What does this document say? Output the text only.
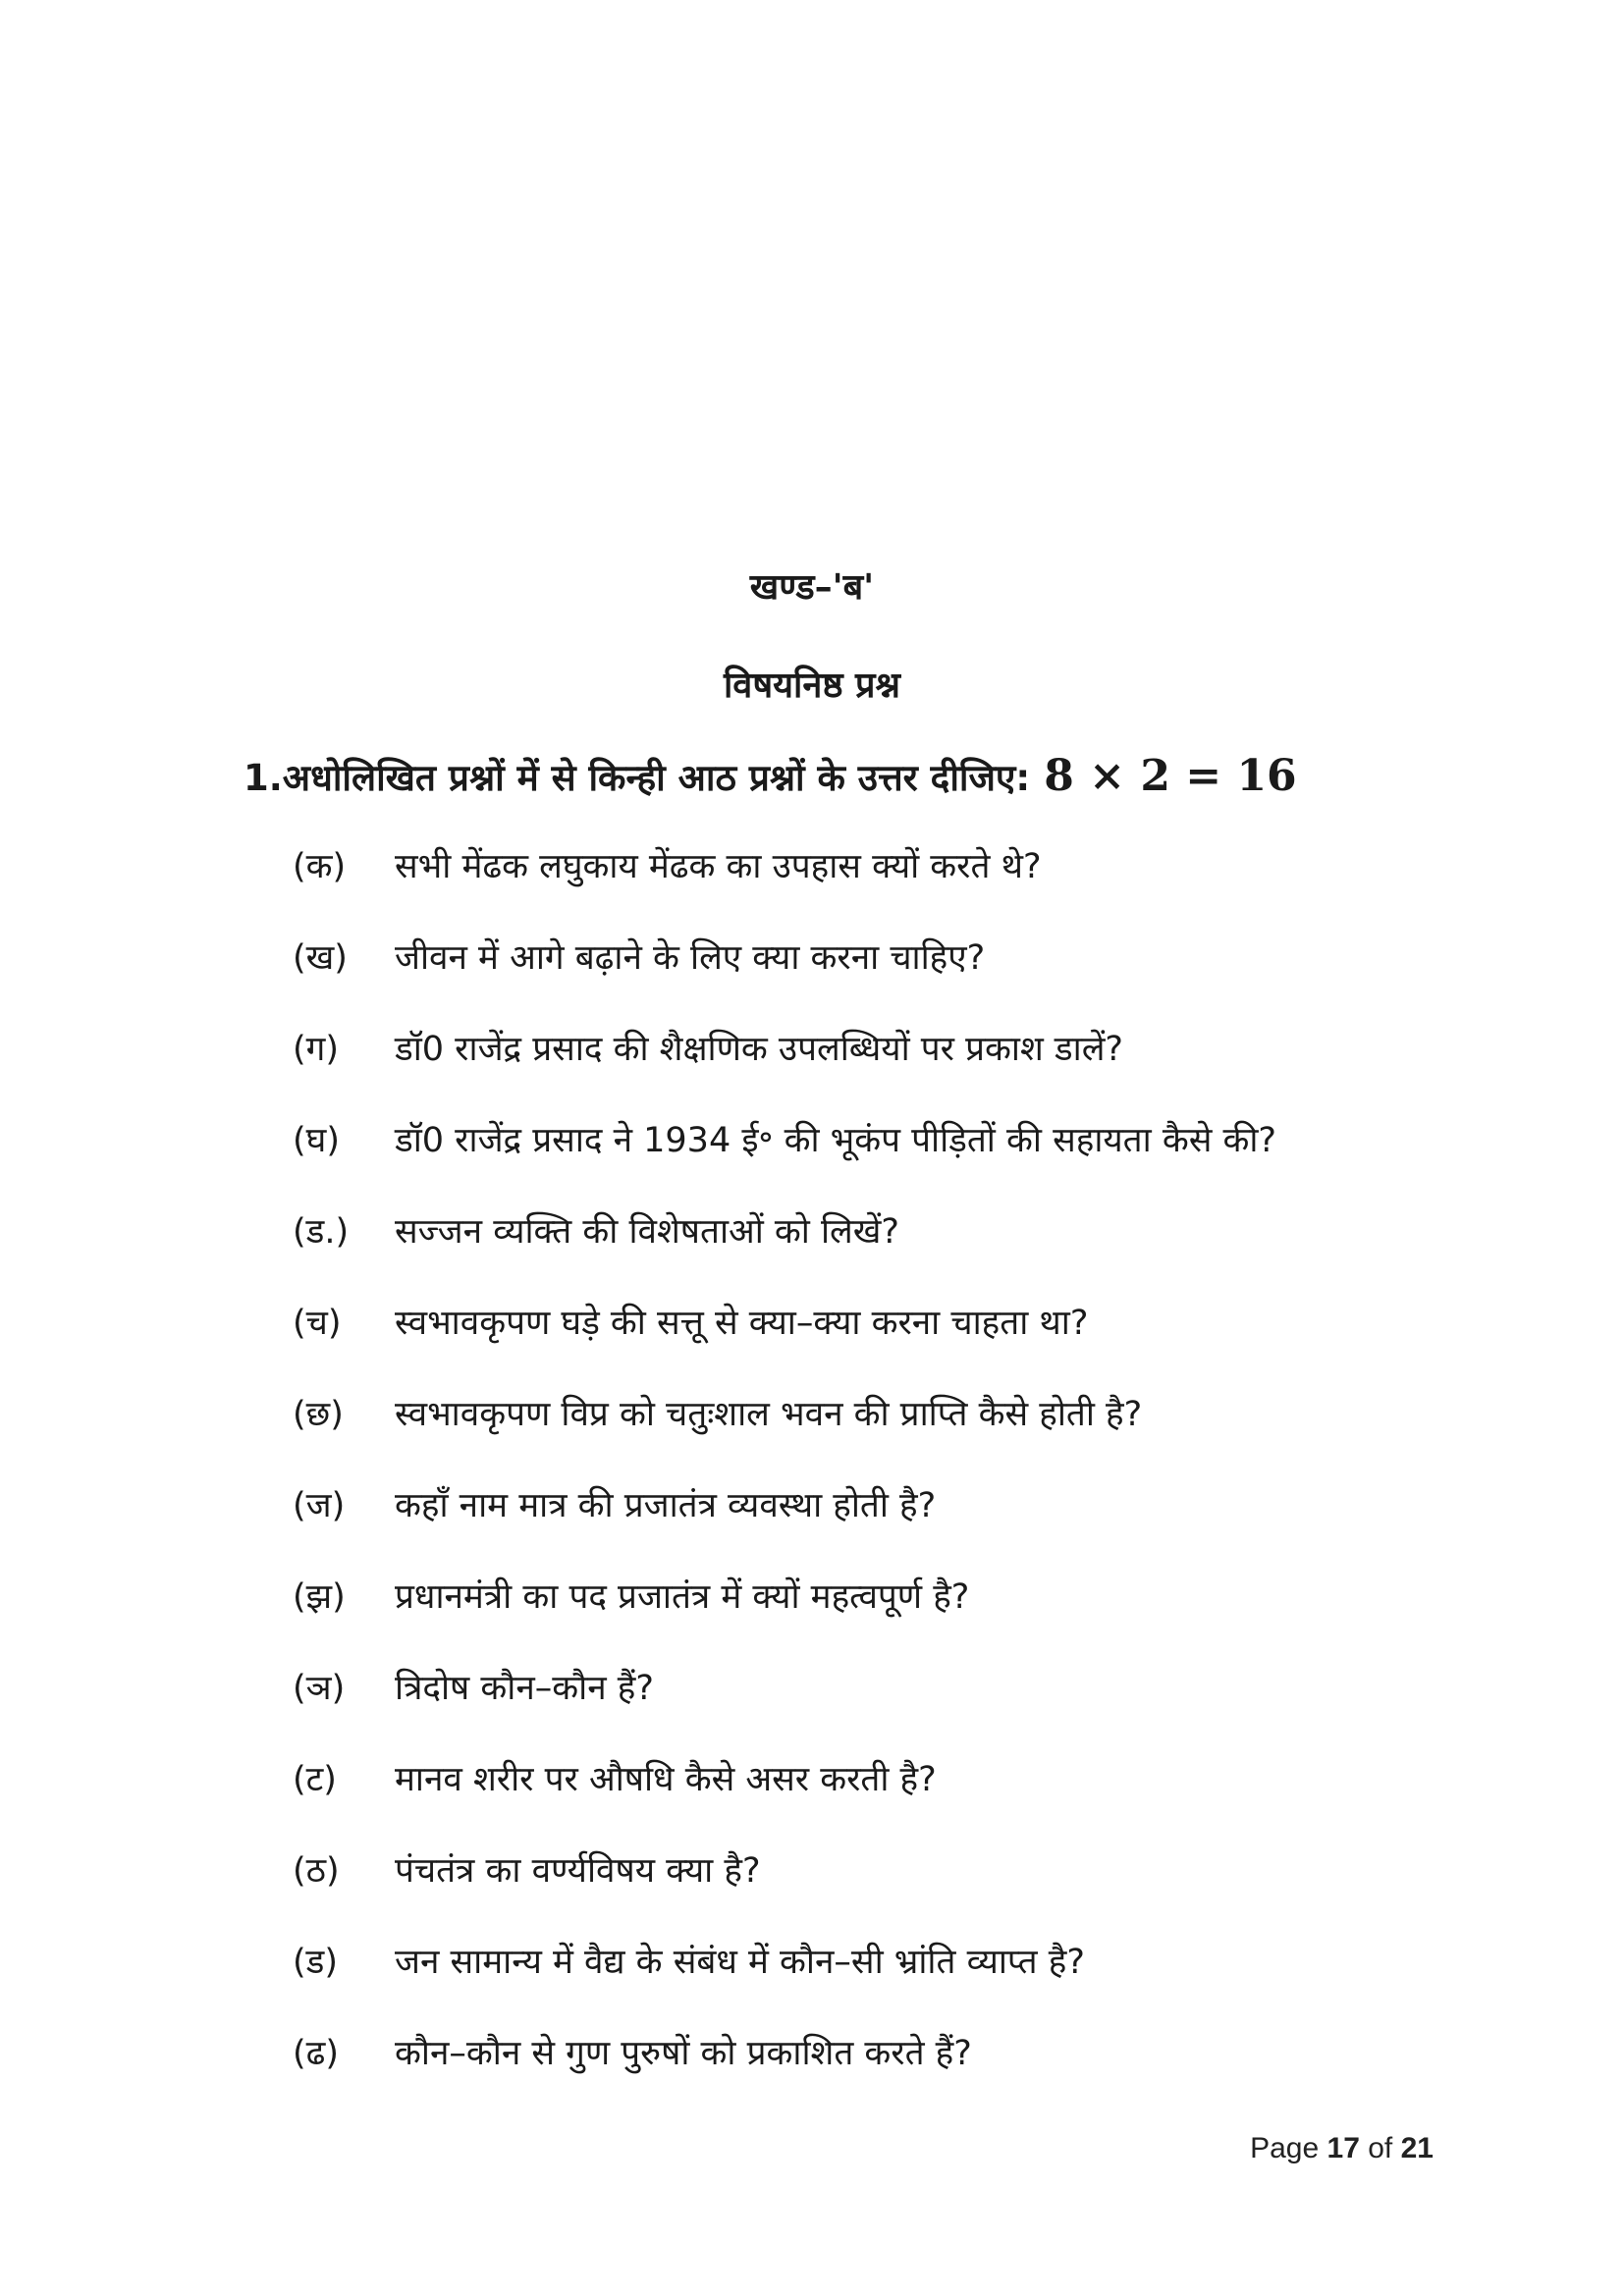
खण्ड–'ब'
विषयनिष्ठ प्रश्न
1.अधोलिखित प्रश्नों में से किन्ही आठ प्रश्नों के उत्तर दीजिए: 8 × 2 = 16
(क)	सभी मेंढक लघुकाय मेंढक का उपहास क्यों करते थे?
(ख)	जीवन में आगे बढ़ाने के लिए क्या करना चाहिए?
(ग)	डॉ0 राजेंद्र प्रसाद की शैक्षणिक उपलब्धियों पर प्रकाश डालें?
(घ)	डॉ0 राजेंद्र प्रसाद ने 1934 ई॰ की भूकंप पीड़ितों की सहायता कैसे की?
(ड.)	सज्जन व्यक्ति की विशेषताओं को लिखें?
(च)	स्वभावकृपण घड़े की सत्तू से क्या–क्या करना चाहता था?
(छ)	स्वभावकृपण विप्र को चतुःशाल भवन की प्राप्ति कैसे होती है?
(ज)	कहाँ नाम मात्र की प्रजातंत्र व्यवस्था होती है?
(झ)	प्रधानमंत्री का पद प्रजातंत्र में क्यों महत्वपूर्ण है?
(ञ)	त्रिदोष कौन–कौन हैं?
(ट)	मानव शरीर पर औषधि कैसे असर करती है?
(ठ)	पंचतंत्र का वर्ण्यविषय क्या है?
(ड)	जन सामान्य में वैद्य के संबंध में कौन–सी भ्रांति व्याप्त है?
(ढ)	कौन–कौन से गुण पुरुषों को प्रकाशित करते हैं?
Page 17 of 21
